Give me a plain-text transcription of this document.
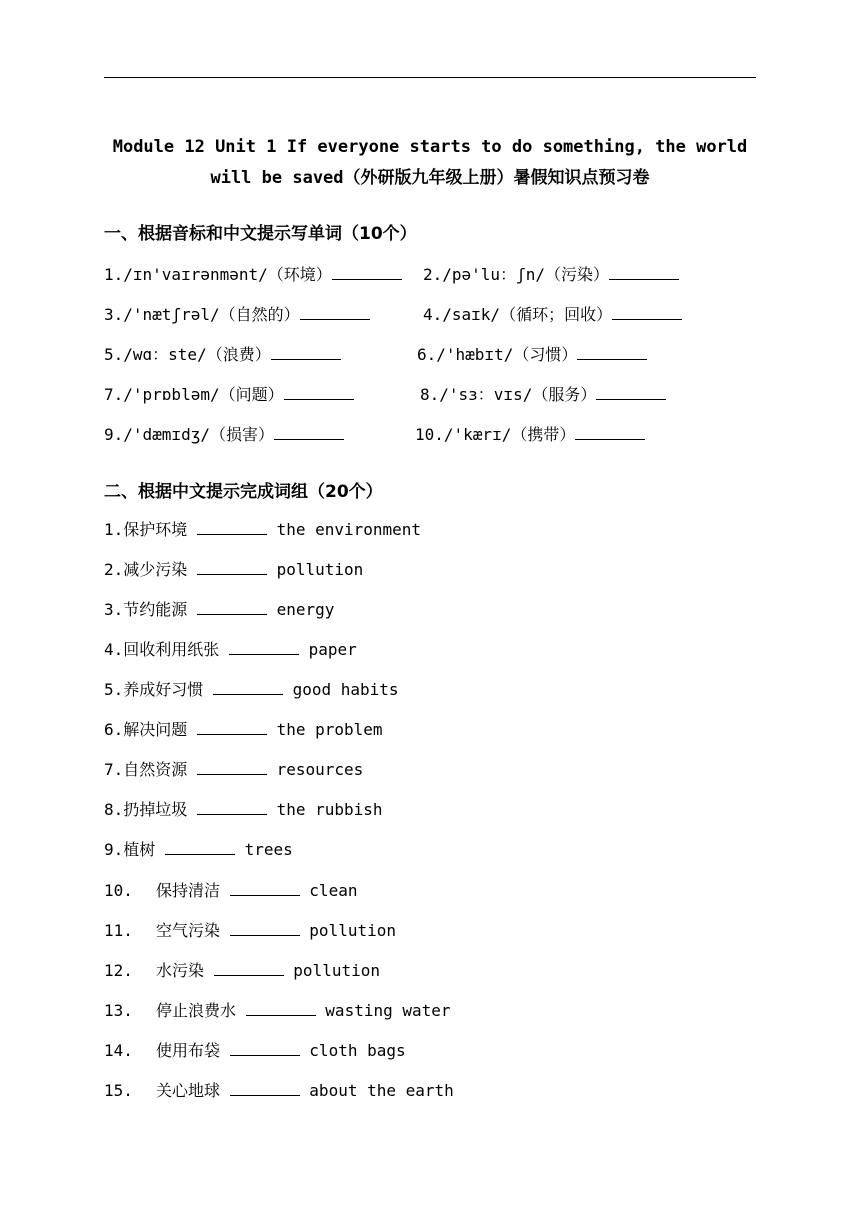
Module 12 Unit 1 If everyone starts to do something, the world
will be saved（外研版九年级上册）暑假知识点预习卷
一、根据音标和中文提示写单词（10个）
1./ɪn'vaɪrənmənt/（环境）	2./pə'lu：ʃn/（污染）
3./'nætʃrəl/（自然的）	4./saɪk/（循环；回收）
5./wɑ：ste/（浪费）	6./'hæbɪt/（习惯）
7./'prɒbləm/（问题）	8./'sɜ：vɪs/（服务）
9./'dæmɪdʒ/（损害）	10./'kærɪ/（携带）
二、根据中文提示完成词组（20个）
1.保护环境	the environment
2.减少污染	pollution
3.节约能源	energy
4.回收利用纸张	paper
5.养成好习惯	good habits
6.解决问题	the problem
7.自然资源	resources
8.扔掉垃圾	the rubbish
9.植树	trees
10. 保持清洁	clean
11. 空气污染	pollution
12. 水污染	pollution
13. 停止浪费水	wasting water
14. 使用布袋	cloth bags
15. 关心地球	about the earth
